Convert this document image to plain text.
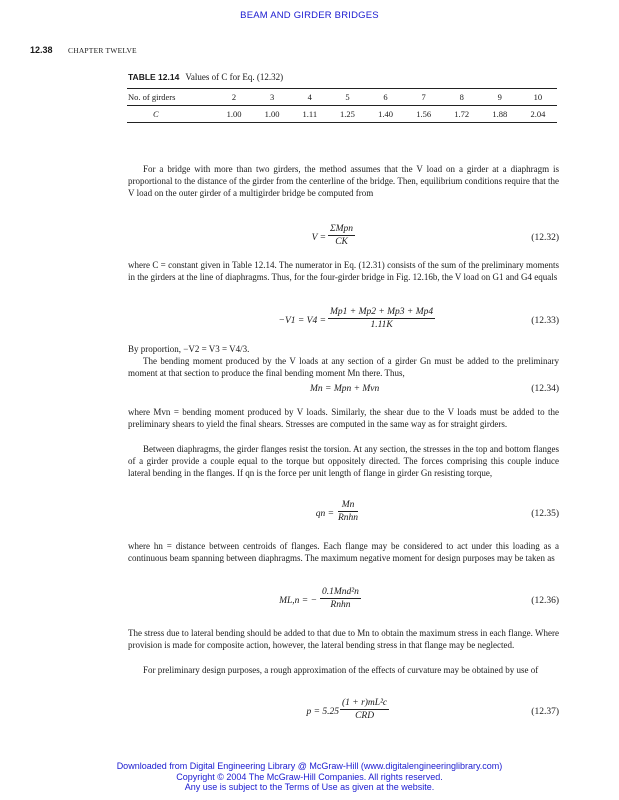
BEAM AND GIRDER BRIDGES
12.38 CHAPTER TWELVE
TABLE 12.14 Values of C for Eq. (12.32)
No. of girders	2	3	4	5	6	7	8	9	10
C	1.00	1.00	1.11	1.25	1.40	1.56	1.72	1.88	2.04
For a bridge with more than two girders, the method assumes that the V load on a girder at a diaphragm is proportional to the distance of the girder from the centerline of the bridge. Then, equilibrium conditions require that the V load on the outer girder of a multigirder bridge be computed from
V =
ΣMpn
CK	(12.32)
where C = constant given in Table 12.14. The numerator in Eq. (12.31) consists of the sum of the preliminary moments in the girders at the line of diaphragms. Thus, for the four-girder bridge in Fig. 12.16b, the V load on G1 and G4 equals
$-V1 = V4 = \frac{Mp1 + Mp2 + Mp3 + Mp4}{1.11K}$	(12.33)
By proportion, −V2 = V3 = V4/3.
The bending moment produced by the V loads at any section of a girder Gn must be added to the preliminary moment at that section to produce the final bending moment Mn there. Thus,
Mn = Mpn + Mvn	(12.34)
where Mvn = bending moment produced by V loads. Similarly, the shear due to the V loads must be added to the preliminary shears to yield the final shears. Stresses are computed in the same way as for straight girders.
Between diaphragms, the girder flanges resist the torsion. At any section, the stresses in the top and bottom flanges of a girder provide a couple equal to the torque but oppositely directed. The forces comprising this couple induce lateral bending in the flanges. If qn is the force per unit length of flange in girder Gn resisting torque,
qn =
Mn
Rnhn	(12.35)
where hn = distance between centroids of flanges. Each flange may be considered to act under this loading as a continuous beam spanning between diaphragms. The maximum negative moment for design purposes may be taken as
ML,n = −
0.1Mnd²n
Rnhn	(12.36)
The stress due to lateral bending should be added to that due to Mn to obtain the maximum stress in each flange. Where provision is made for composite action, however, the lateral bending stress in that flange may be neglected.
For preliminary design purposes, a rough approximation of the effects of curvature may be obtained by use of
p = 5.25
(1 + r)mL²c
CRD	(12.37)
Downloaded from Digital Engineering Library @ McGraw-Hill (www.digitalengineeringlibrary.com)
Copyright © 2004 The McGraw-Hill Companies. All rights reserved.
Any use is subject to the Terms of Use as given at the website.
